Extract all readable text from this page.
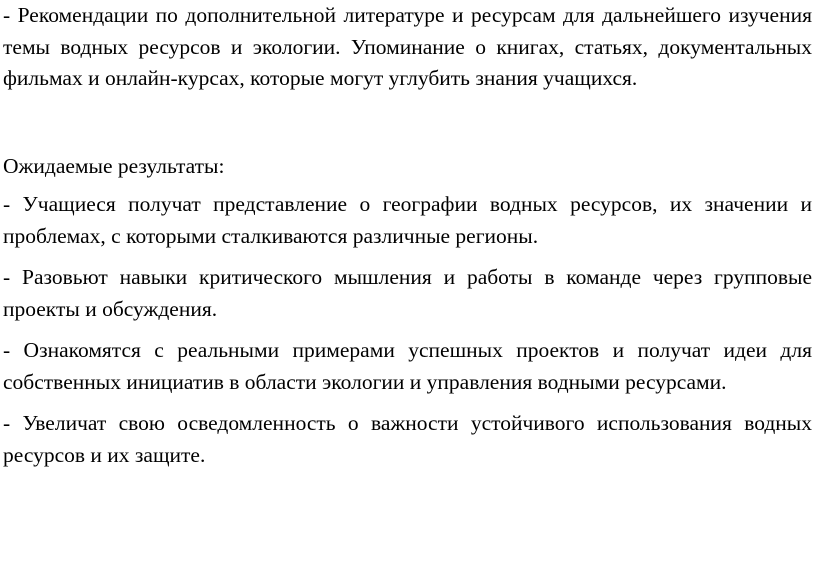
- Рекомендации по дополнительной литературе и ресурсам для дальнейшего изучения темы водных ресурсов и экологии. Упоминание о книгах, статьях, документальных фильмах и онлайн-курсах, которые могут углубить знания учащихся.

Ожидаемые результаты:

- Учащиеся получат представление о географии водных ресурсов, их значении и проблемах, с которыми сталкиваются различные регионы.

- Разовьют навыки критического мышления и работы в команде через групповые проекты и обсуждения.

- Ознакомятся с реальными примерами успешных проектов и получат идеи для собственных инициатив в области экологии и управления водными ресурсами.

- Увеличат свою осведомленность о важности устойчивого использования водных ресурсов и их защите.
